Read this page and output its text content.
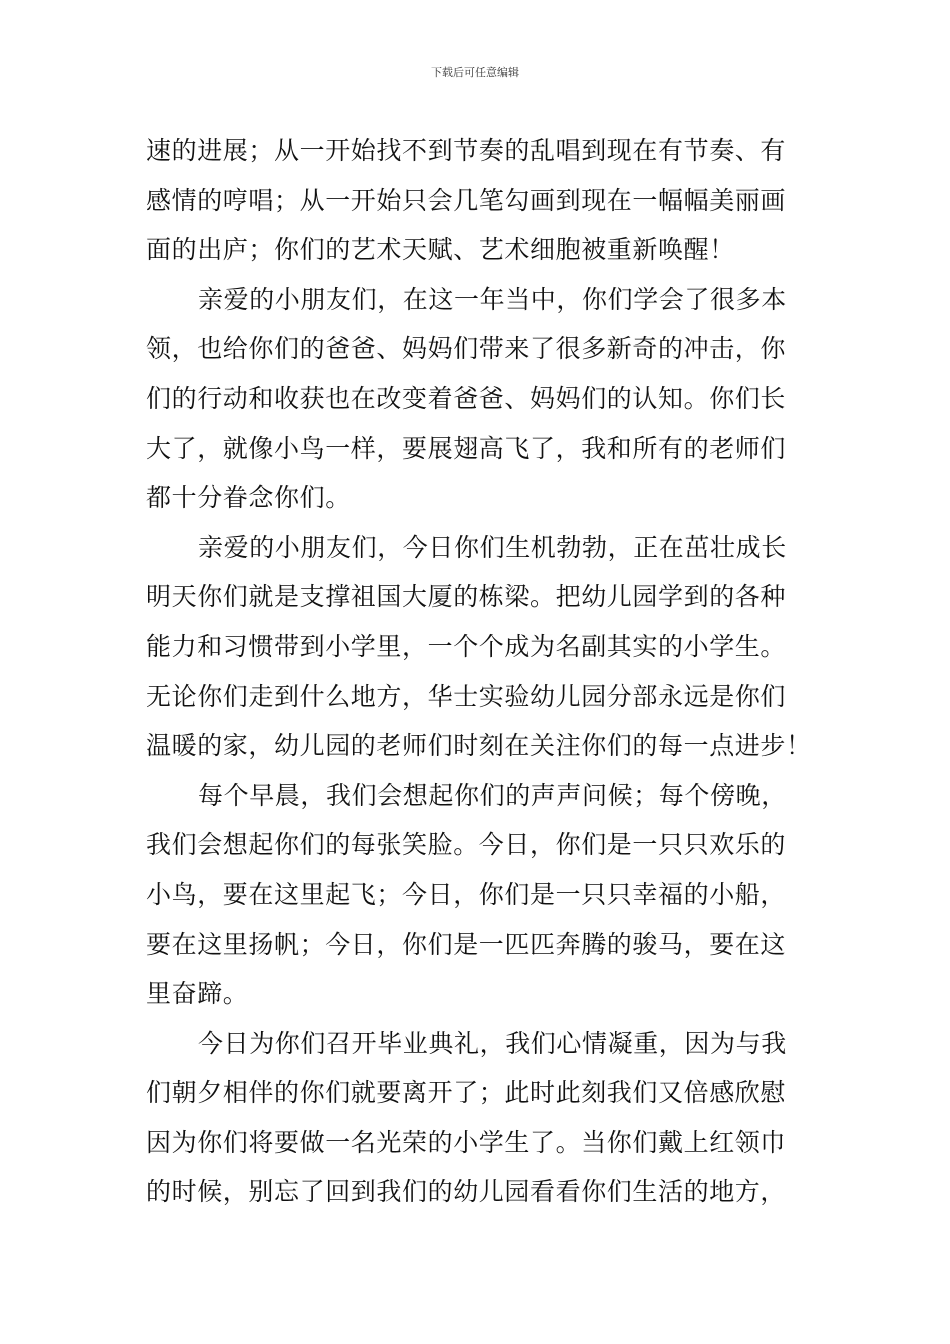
下载后可任意编辑
速的进展；从一开始找不到节奏的乱唱到现在有节奏、有
感情的哼唱；从一开始只会几笔勾画到现在一幅幅美丽画
面的出庐；你们的艺术天赋、艺术细胞被重新唤醒！
亲爱的小朋友们，在这一年当中，你们学会了很多本
领，也给你们的爸爸、妈妈们带来了很多新奇的冲击，你
们的行动和收获也在改变着爸爸、妈妈们的认知。你们长
大了，就像小鸟一样，要展翅高飞了，我和所有的老师们
都十分眷念你们。
亲爱的小朋友们，今日你们生机勃勃，正在茁壮成长
明天你们就是支撑祖国大厦的栋梁。把幼儿园学到的各种
能力和习惯带到小学里，一个个成为名副其实的小学生。
无论你们走到什么地方，华士实验幼儿园分部永远是你们
温暖的家，幼儿园的老师们时刻在关注你们的每一点进步！
每个早晨，我们会想起你们的声声问候；每个傍晚，
我们会想起你们的每张笑脸。今日，你们是一只只欢乐的
小鸟，要在这里起飞；今日，你们是一只只幸福的小船，
要在这里扬帆；今日，你们是一匹匹奔腾的骏马，要在这
里奋蹄。
今日为你们召开毕业典礼，我们心情凝重，因为与我
们朝夕相伴的你们就要离开了；此时此刻我们又倍感欣慰
因为你们将要做一名光荣的小学生了。当你们戴上红领巾
的时候，别忘了回到我们的幼儿园看看你们生活的地方，
